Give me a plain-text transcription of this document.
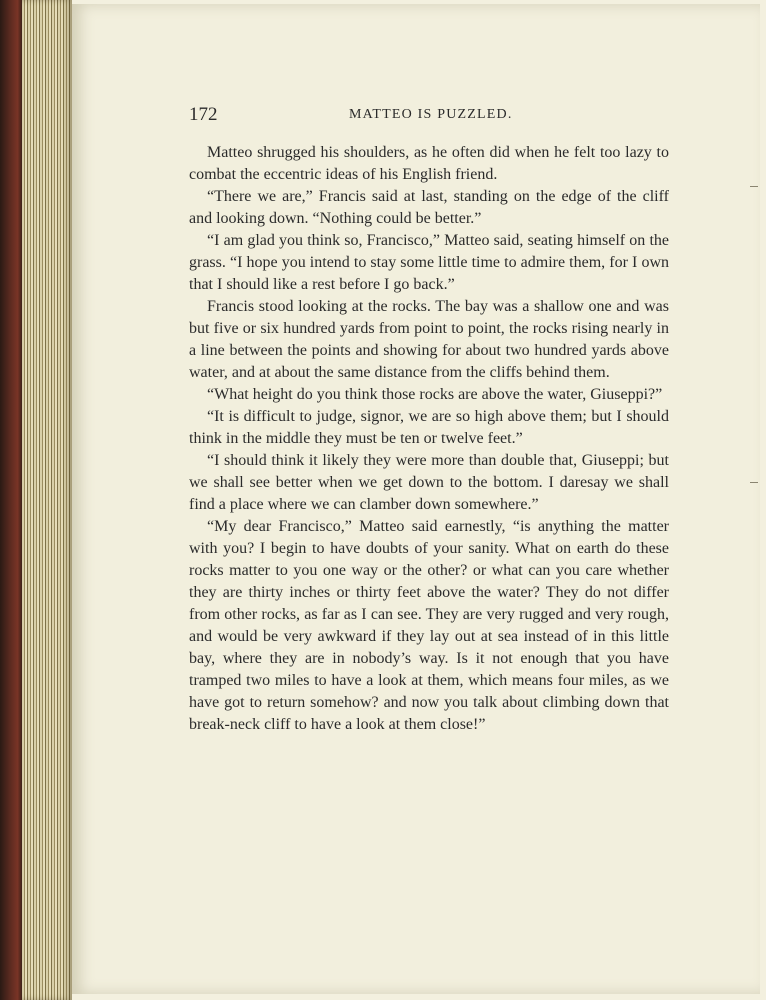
172	MATTEO IS PUZZLED.

Matteo shrugged his shoulders, as he often did when he felt too lazy to combat the eccentric ideas of his English friend.

“There we are,” Francis said at last, standing on the edge of the cliff and looking down. “Nothing could be better.”

“I am glad you think so, Francisco,” Matteo said, seating himself on the grass. “I hope you intend to stay some little time to admire them, for I own that I should like a rest before I go back.”

Francis stood looking at the rocks. The bay was a shallow one and was but five or six hundred yards from point to point, the rocks rising nearly in a line between the points and showing for about two hundred yards above water, and at about the same distance from the cliffs behind them.

“What height do you think those rocks are above the water, Giuseppi?”

“It is difficult to judge, signor, we are so high above them; but I should think in the middle they must be ten or twelve feet.”

“I should think it likely they were more than double that, Giuseppi; but we shall see better when we get down to the bottom. I daresay we shall find a place where we can clamber down somewhere.”

“My dear Francisco,” Matteo said earnestly, “is anything the matter with you? I begin to have doubts of your sanity. What on earth do these rocks matter to you one way or the other? or what can you care whether they are thirty inches or thirty feet above the water? They do not differ from other rocks, as far as I can see. They are very rugged and very rough, and would be very awkward if they lay out at sea instead of in this little bay, where they are in nobody’s way. Is it not enough that you have tramped two miles to have a look at them, which means four miles, as we have got to return somehow? and now you talk about climbing down that break-neck cliff to have a look at them close!”
